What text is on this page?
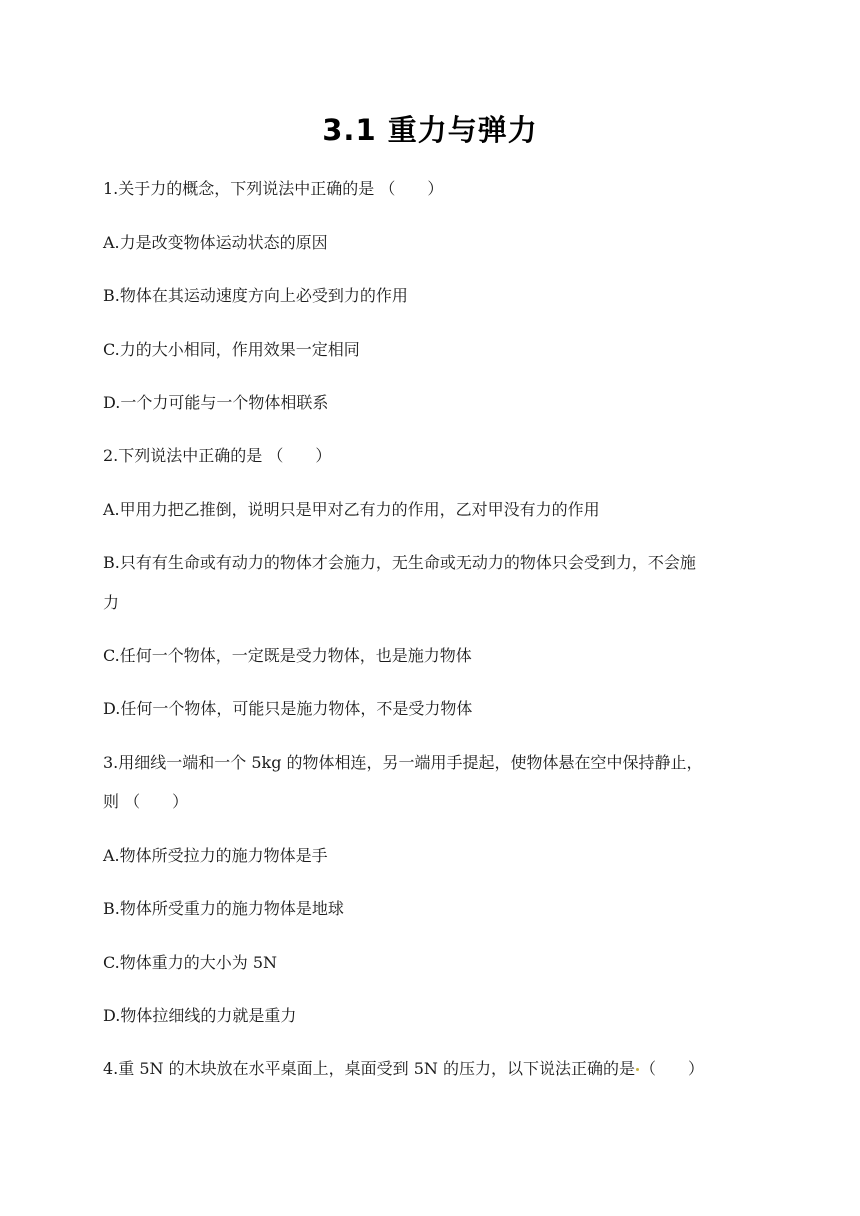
3.1 重力与弹力
1.关于力的概念，下列说法中正确的是 （　　）
A.力是改变物体运动状态的原因
B.物体在其运动速度方向上必受到力的作用
C.力的大小相同，作用效果一定相同
D.一个力可能与一个物体相联系
2.下列说法中正确的是 （　　）
A.甲用力把乙推倒，说明只是甲对乙有力的作用，乙对甲没有力的作用
B.只有有生命或有动力的物体才会施力，无生命或无动力的物体只会受到力，不会施
力
C.任何一个物体，一定既是受力物体，也是施力物体
D.任何一个物体，可能只是施力物体，不是受力物体
3.用细线一端和一个 5kg 的物体相连，另一端用手提起，使物体悬在空中保持静止，
则 （　　）
A.物体所受拉力的施力物体是手
B.物体所受重力的施力物体是地球
C.物体重力的大小为 5N
D.物体拉细线的力就是重力
4.重 5N 的木块放在水平桌面上，桌面受到 5N 的压力，以下说法正确的是 （　　）
